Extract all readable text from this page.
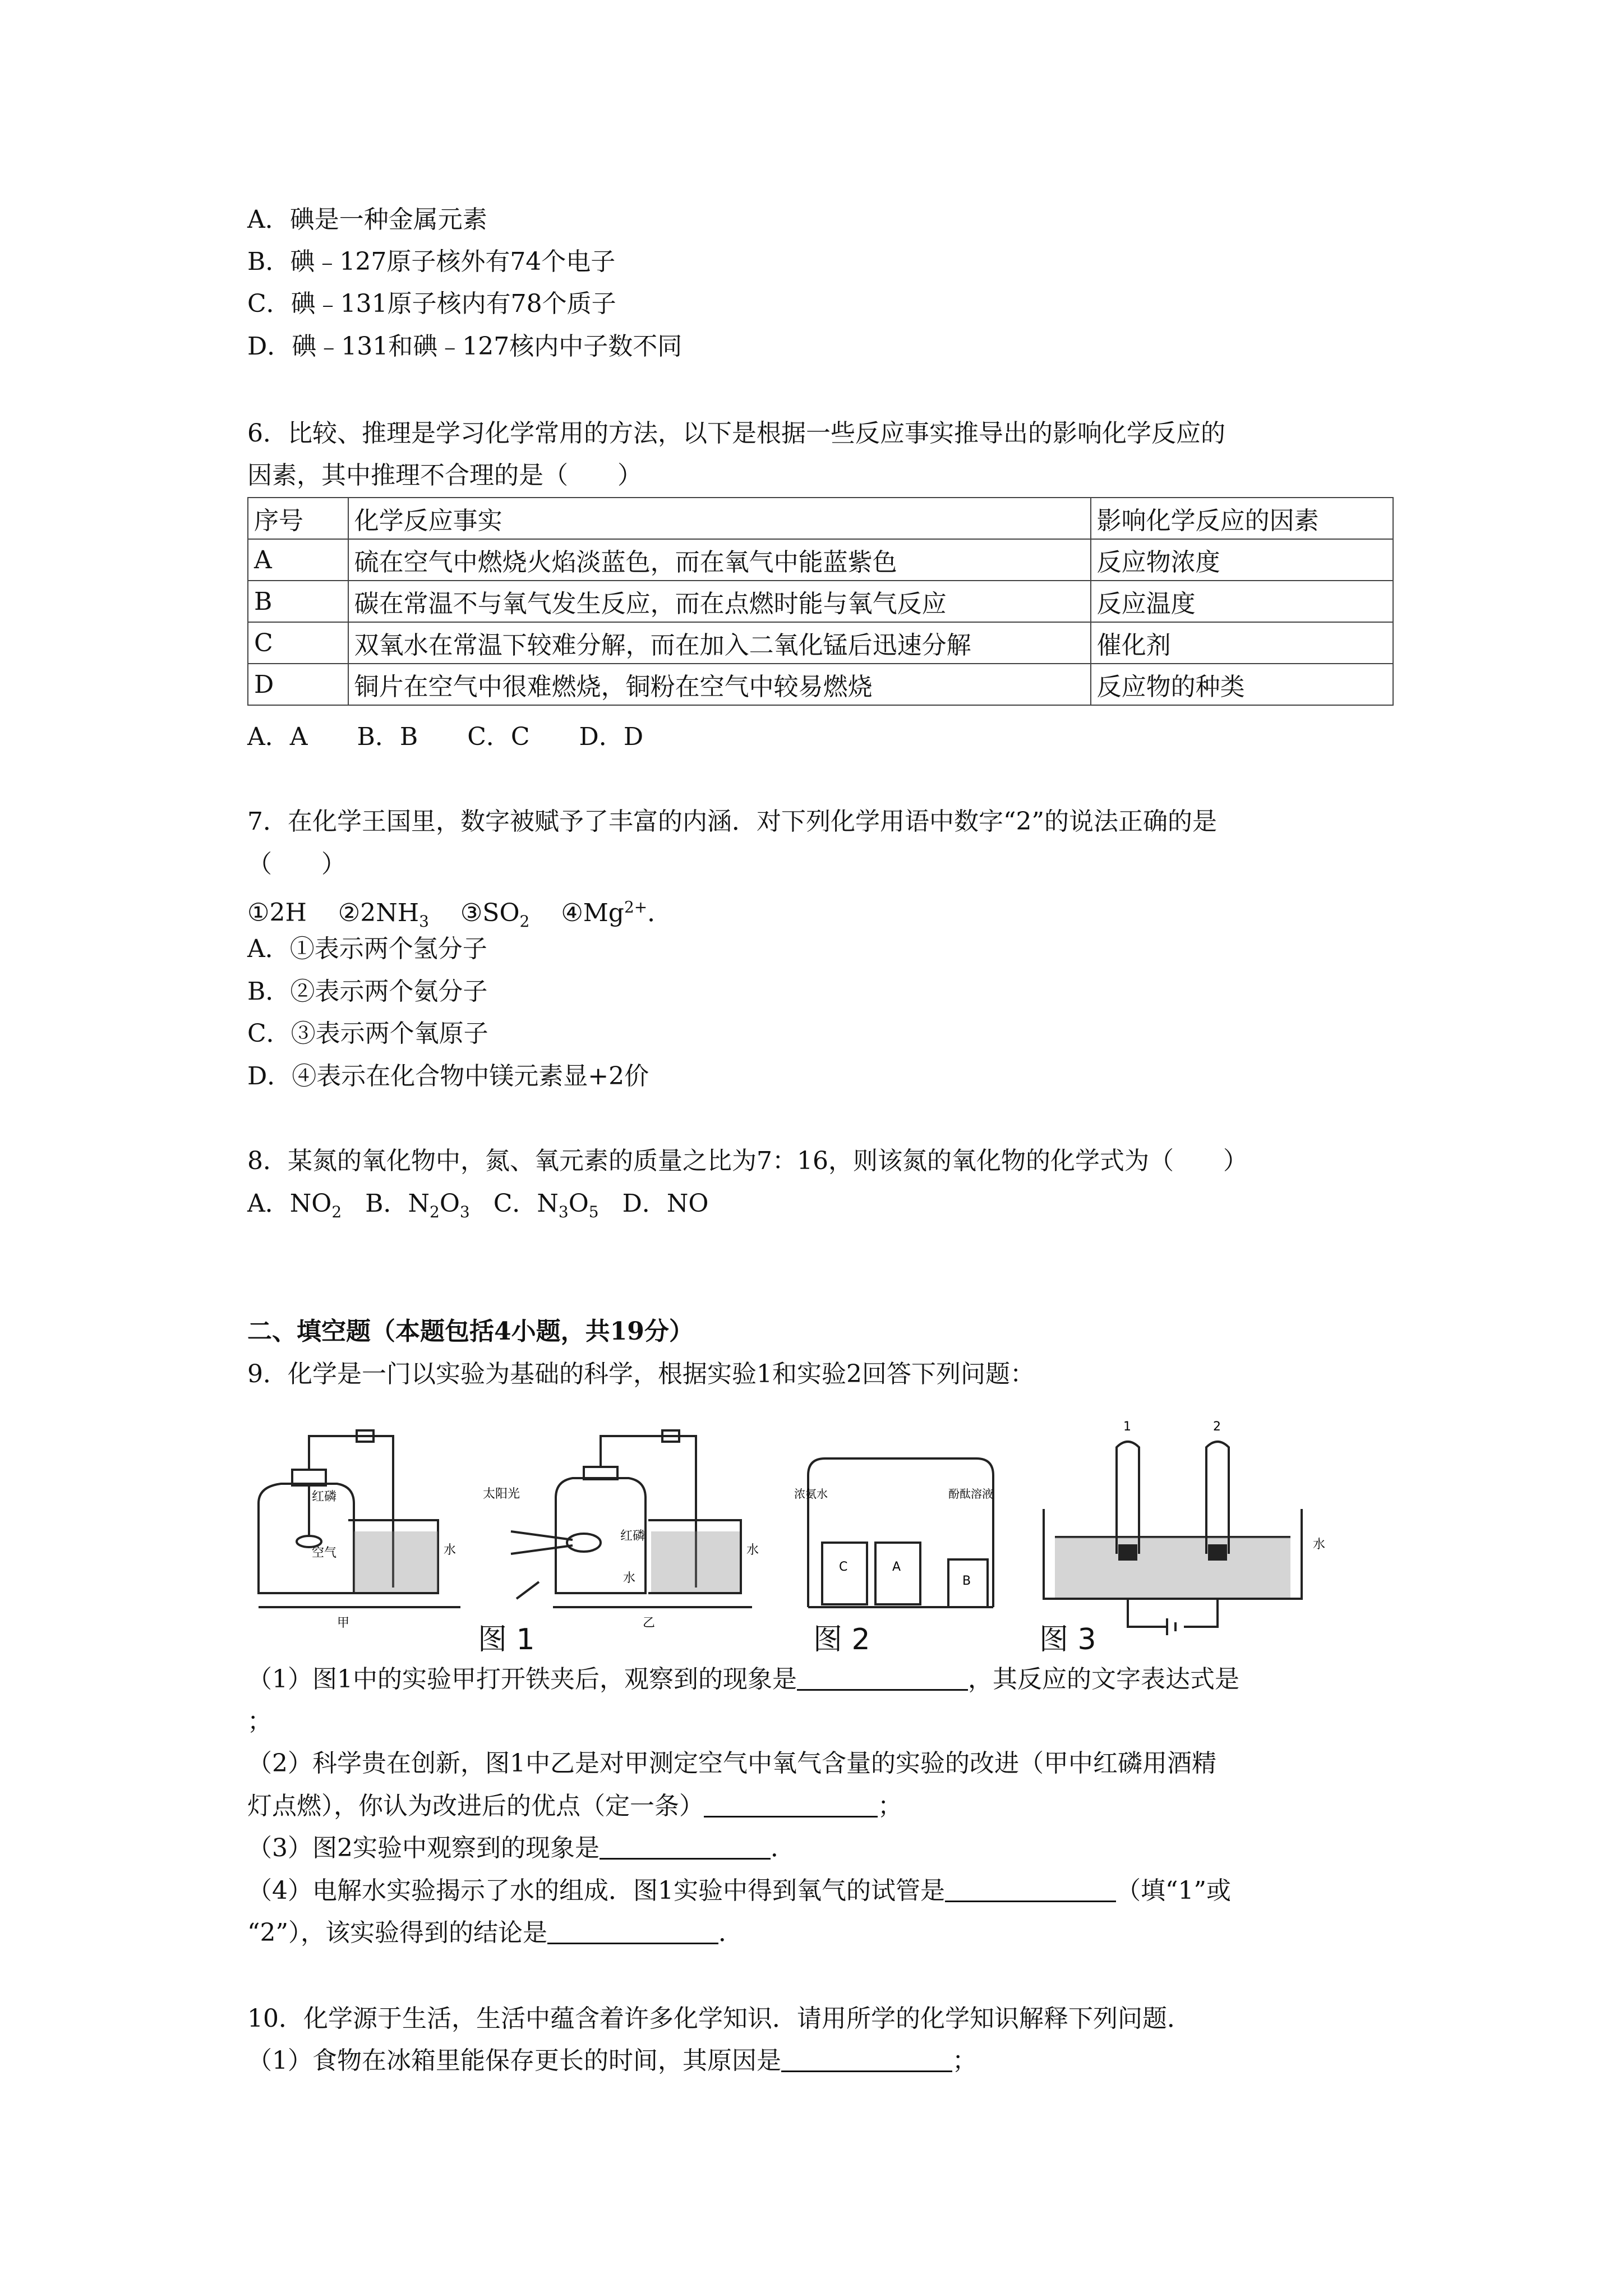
A．碘是一种金属元素
B．碘﹣127原子核外有74个电子
C．碘﹣131原子核内有78个质子
D．碘﹣131和碘﹣127核内中子数不同
6．比较、推理是学习化学常用的方法，以下是根据一些反应事实推导出的影响化学反应的
因素，其中推理不合理的是（　　）
序号	化学反应事实	影响化学反应的因素
A	硫在空气中燃烧火焰淡蓝色，而在氧气中能蓝紫色	反应物浓度
B	碳在常温不与氧气发生反应，而在点燃时能与氧气反应	反应温度
C	双氧水在常温下较难分解，而在加入二氧化锰后迅速分解	催化剂
D	铜片在空气中很难燃烧，铜粉在空气中较易燃烧	反应物的种类
A．A　　B．B　　C．C　　D．D
7．在化学王国里，数字被赋予了丰富的内涵．对下列化学用语中数字“2”的说法正确的是
（　　）
①2H $②2NH_3$ $③SO_2$ $④Mg^{2+}$．
A．①表示两个氢分子
B．②表示两个氨分子
C．③表示两个氧原子
D．④表示在化合物中镁元素显+2价
8．某氮的氧化物中，氮、氧元素的质量之比为7：16，则该氮的氧化物的化学式为（　　）
A．$NO_2$ B．$N_2O_3$ C．$N_3O_5$ D．NO
二、填空题（本题包括4小题，共19分）
9．化学是一门以实验为基础的科学，根据实验1和实验2回答下列问题：
红磷
空气	水
甲
太阳光
红磷
水
水
乙
浓氨水	酚酞溶液
C	A
B
1	2
水
图 1	图 2	图 3
（1）图1中的实验甲打开铁夹后，观察到的现象是	，其反应的文字表达式是
；
（2）科学贵在创新，图1中乙是对甲测定空气中氧气含量的实验的改进（甲中红磷用酒精
灯点燃），你认为改进后的优点（定一条）	；
（3）图2实验中观察到的现象是	．
（4）电解水实验揭示了水的组成．图1实验中得到氧气的试管是	（填“1”或
“2”），该实验得到的结论是	．
10．化学源于生活，生活中蕴含着许多化学知识．请用所学的化学知识解释下列问题．
（1）食物在冰箱里能保存更长的时间，其原因是	；
